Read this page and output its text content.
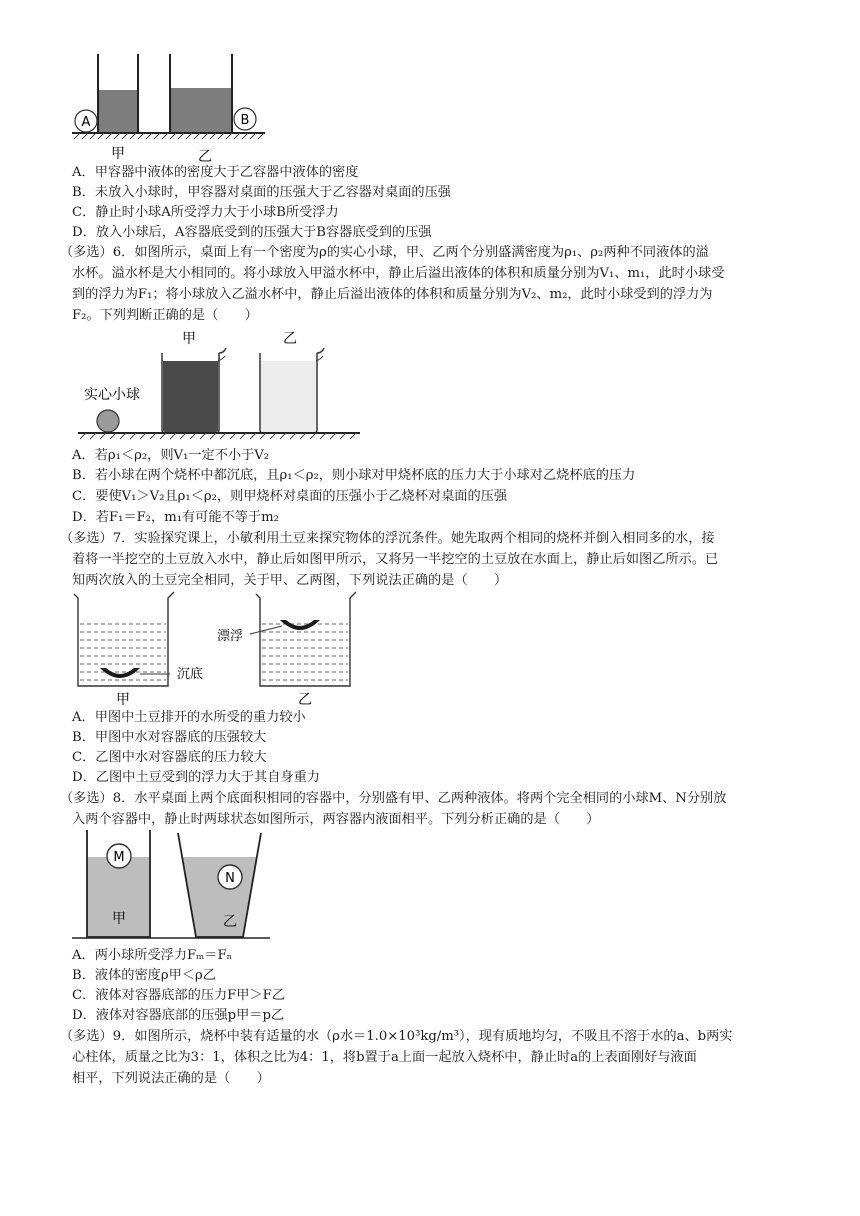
A	B
甲	乙
A．甲容器中液体的密度大于乙容器中液体的密度
B．未放入小球时，甲容器对桌面的压强大于乙容器对桌面的压强
C．静止时小球A所受浮力大于小球B所受浮力
D．放入小球后，A容器底受到的压强大于B容器底受到的压强
（多选）6．如图所示，桌面上有一个密度为ρ的实心小球，甲、乙两个分别盛满密度为ρ₁、ρ₂两种不同液体的溢
水杯。溢水杯是大小相同的。将小球放入甲溢水杯中，静止后溢出液体的体积和质量分别为V₁、m₁，此时小球受
到的浮力为F₁；将小球放入乙溢水杯中，静止后溢出液体的体积和质量分别为V₂、m₂，此时小球受到的浮力为
F₂。下列判断正确的是（　　）
实心小球
甲	乙
A．若ρ₁＜ρ₂，则V₁一定不小于V₂
B．若小球在两个烧杯中都沉底，且ρ₁＜ρ₂，则小球对甲烧杯底的压力大于小球对乙烧杯底的压力
C．要使V₁＞V₂且ρ₁＜ρ₂，则甲烧杯对桌面的压强小于乙烧杯对桌面的压强
D．若F₁＝F₂，m₁有可能不等于m₂
（多选）7．实验探究课上，小敏利用土豆来探究物体的浮沉条件。她先取两个相同的烧杯并倒入相同多的水，接
着将一半挖空的土豆放入水中，静止后如图甲所示，又将另一半挖空的土豆放在水面上，静止后如图乙所示。已
知两次放入的土豆完全相同，关于甲、乙两图，下列说法正确的是（　　）
沉底
甲
漂浮
乙
A．甲图中土豆排开的水所受的重力较小
B．甲图中水对容器底的压强较大
C．乙图中水对容器底的压力较大
D．乙图中土豆受到的浮力大于其自身重力
（多选）8．水平桌面上两个底面积相同的容器中，分别盛有甲、乙两种液体。将两个完全相同的小球M、N分别放
入两个容器中，静止时两球状态如图所示，两容器内液面相平。下列分析正确的是（　　）
M
甲
N
乙
A．两小球所受浮力Fₘ＝Fₙ
B．液体的密度ρ甲＜ρ乙
C．液体对容器底部的压力F甲＞F乙
D．液体对容器底部的压强p甲＝p乙
（多选）9．如图所示，烧杯中装有适量的水（ρ水＝1.0×10³kg/m³），现有质地均匀，不吸且不溶于水的a、b两实
心柱体，质量之比为3：1，体积之比为4：1，将b置于a上面一起放入烧杯中，静止时a的上表面刚好与液面
相平，下列说法正确的是（　　）
